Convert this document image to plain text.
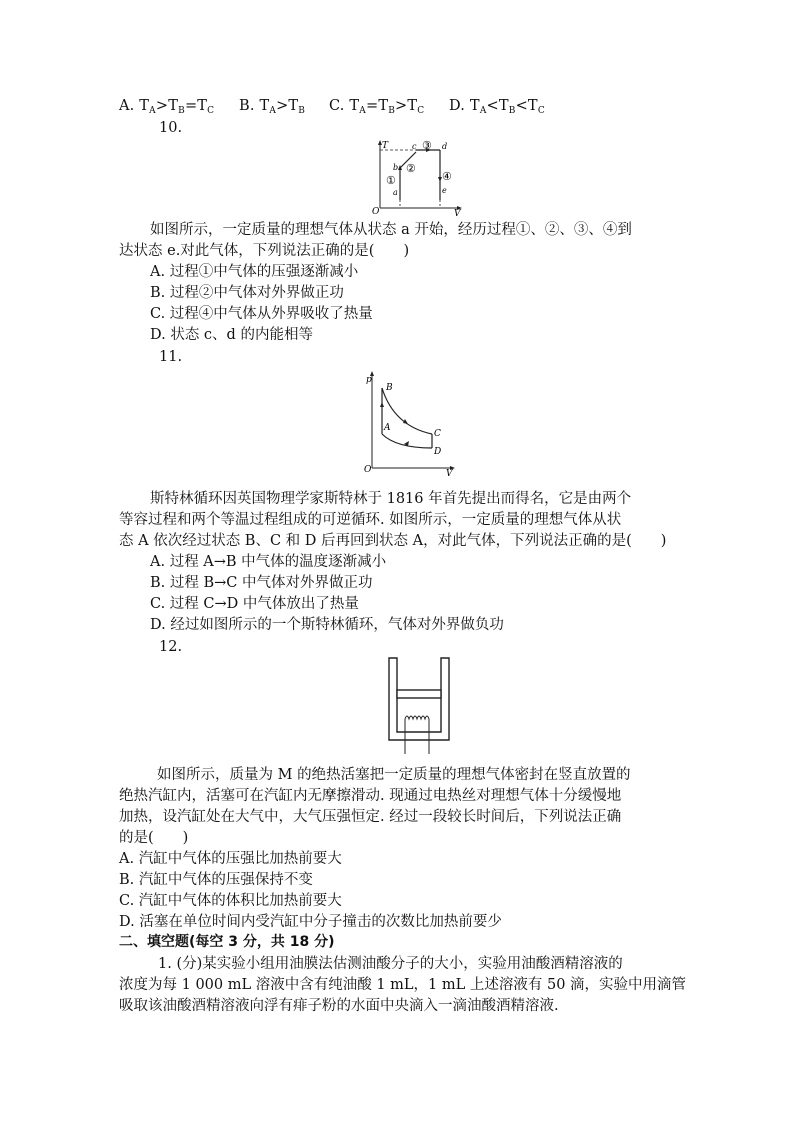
A. $T_A>T_B=T_C$ B. $T_A>T_B$ C. $T_A=T_B>T_C$ D. $T_A<T_B<T_C$
10.
T
V
O
a
b
c	d
e
①
②
③
④
如图所示，一定质量的理想气体从状态 a 开始，经历过程①、②、③、④到
达状态 e.对此气体，下列说法正确的是(　　)
A. 过程①中气体的压强逐渐减小
B. 过程②中气体对外界做正功
C. 过程④中气体从外界吸收了热量
D. 状态 c、d 的内能相等
11.
p
V
O
B
A
C
D
斯特林循环因英国物理学家斯特林于 1816 年首先提出而得名，它是由两个
等容过程和两个等温过程组成的可逆循环. 如图所示，一定质量的理想气体从状
态 A 依次经过状态 B、C 和 D 后再回到状态 A，对此气体，下列说法正确的是(　　)
A. 过程 A→B 中气体的温度逐渐减小
B. 过程 B→C 中气体对外界做正功
C. 过程 C→D 中气体放出了热量
D. 经过如图所示的一个斯特林循环，气体对外界做负功
12.
如图所示，质量为 M 的绝热活塞把一定质量的理想气体密封在竖直放置的
绝热汽缸内，活塞可在汽缸内无摩擦滑动. 现通过电热丝对理想气体十分缓慢地
加热，设汽缸处在大气中，大气压强恒定. 经过一段较长时间后，下列说法正确
的是(　　)
A. 汽缸中气体的压强比加热前要大
B. 汽缸中气体的压强保持不变
C. 汽缸中气体的体积比加热前要大
D. 活塞在单位时间内受汽缸中分子撞击的次数比加热前要少
二、填空题(每空 3 分，共 18 分)
1. (分)某实验小组用油膜法估测油酸分子的大小，实验用油酸酒精溶液的
浓度为每 1 000 mL 溶液中含有纯油酸 1 mL，1 mL 上述溶液有 50 滴，实验中用滴管
吸取该油酸酒精溶液向浮有痱子粉的水面中央滴入一滴油酸酒精溶液.
